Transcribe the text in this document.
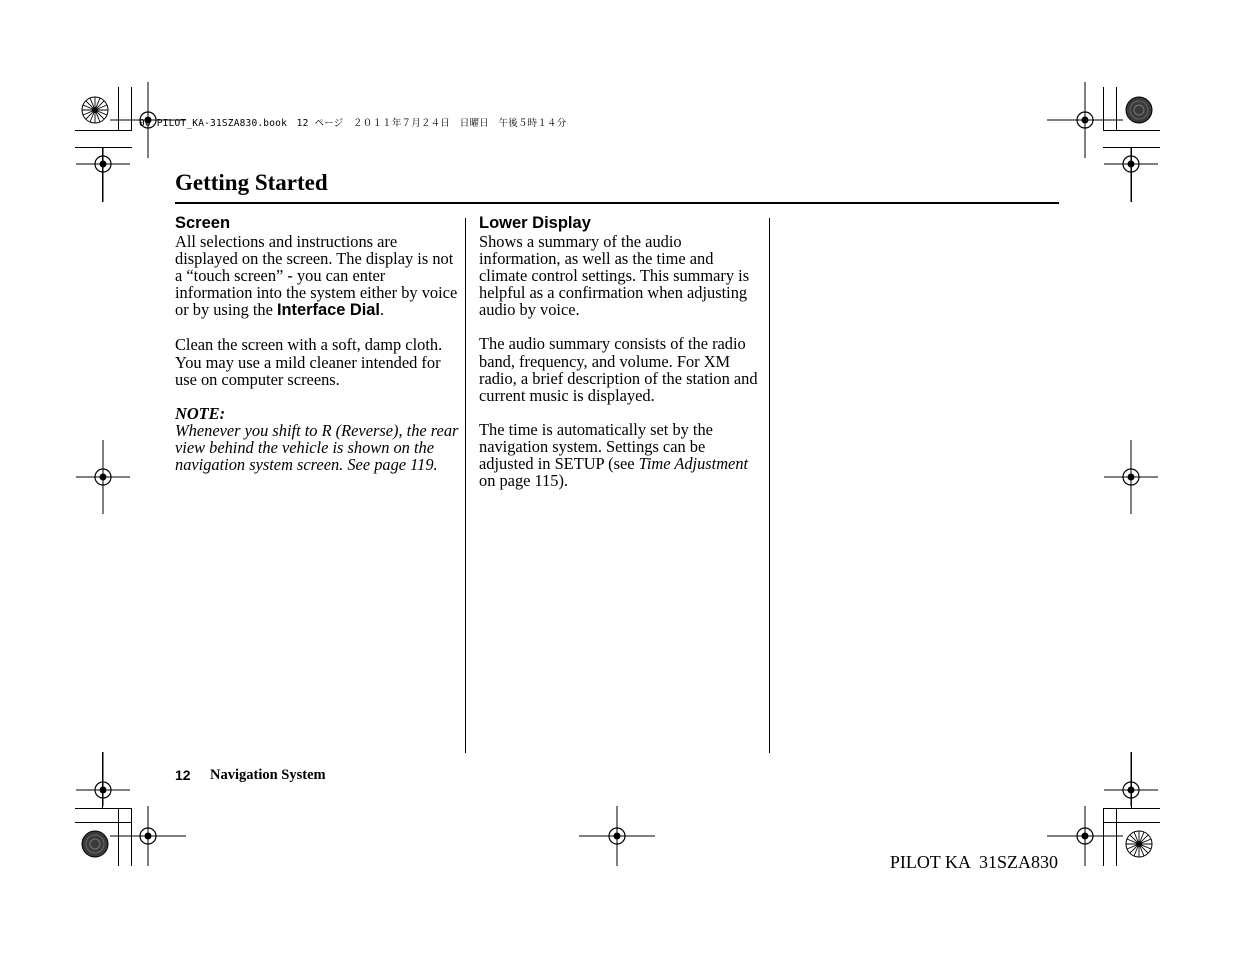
00 PILOT_KA-31SZA830.book　12 ページ　２０１１年７月２４日　日曜日　午後５時１４分
Getting Started
Screen

All selections and instructions are displayed on the screen. The display is not a “touch screen” - you can enter information into the system either by voice or by using the Interface Dial.

Clean the screen with a soft, damp cloth. You may use a mild cleaner intended for use on computer screens.

NOTE:
Whenever you shift to R (Reverse), the rear view behind the vehicle is shown on the navigation system screen. See page 119.

Lower Display

Shows a summary of the audio information, as well as the time and climate control settings. This summary is helpful as a confirmation when adjusting audio by voice.

The audio summary consists of the radio band, frequency, and volume. For XM radio, a brief description of the station and current music is displayed.

The time is automatically set by the navigation system. Settings can be adjusted in SETUP (see Time Adjustment on page 115).

12 Navigation System
PILOT KA  31SZA830
